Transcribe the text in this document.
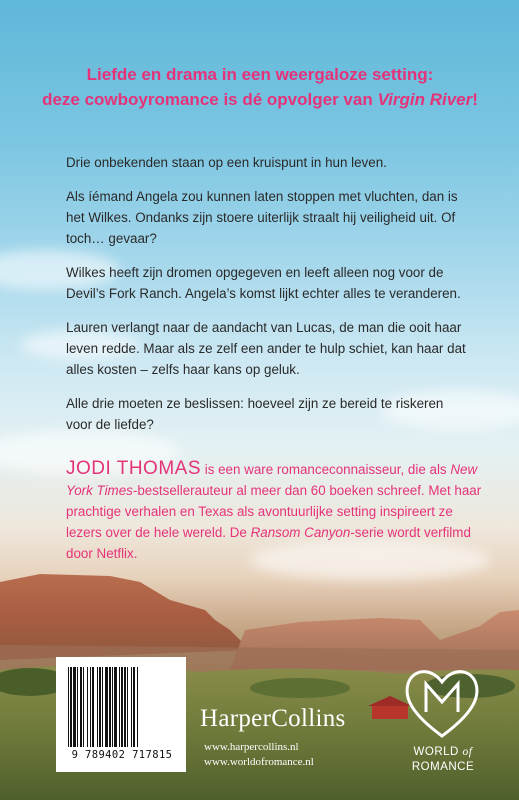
Liefde en drama in een weergaloze setting:
deze cowboyromance is dé opvolger van Virgin River!

Drie onbekenden staan op een kruispunt in hun leven.

Als íémand Angela zou kunnen laten stoppen met vluchten, dan is het Wilkes. Ondanks zijn stoere uiterlijk straalt hij veiligheid uit. Of toch… gevaar?

Wilkes heeft zijn dromen opgegeven en leeft alleen nog voor de Devil’s Fork Ranch. Angela’s komst lijkt echter alles te veranderen.

Lauren verlangt naar de aandacht van Lucas, de man die ooit haar leven redde. Maar als ze zelf een ander te hulp schiet, kan haar dat alles kosten – zelfs haar kans op geluk.

Alle drie moeten ze beslissen: hoeveel zijn ze bereid te riskeren voor de liefde?

JODI THOMAS is een ware romanceconnaisseur, die als New York Times-bestsellerauteur al meer dan 60 boeken schreef. Met haar prachtige verhalen en Texas als avontuurlijke setting inspireert ze lezers over de hele wereld. De Ransom Canyon-serie wordt verfilmd door Netflix.
9 789402 717815
HarperCollins
www.harpercollins.nl
www.worldofromance.nl
WORLD of
ROMANCE
